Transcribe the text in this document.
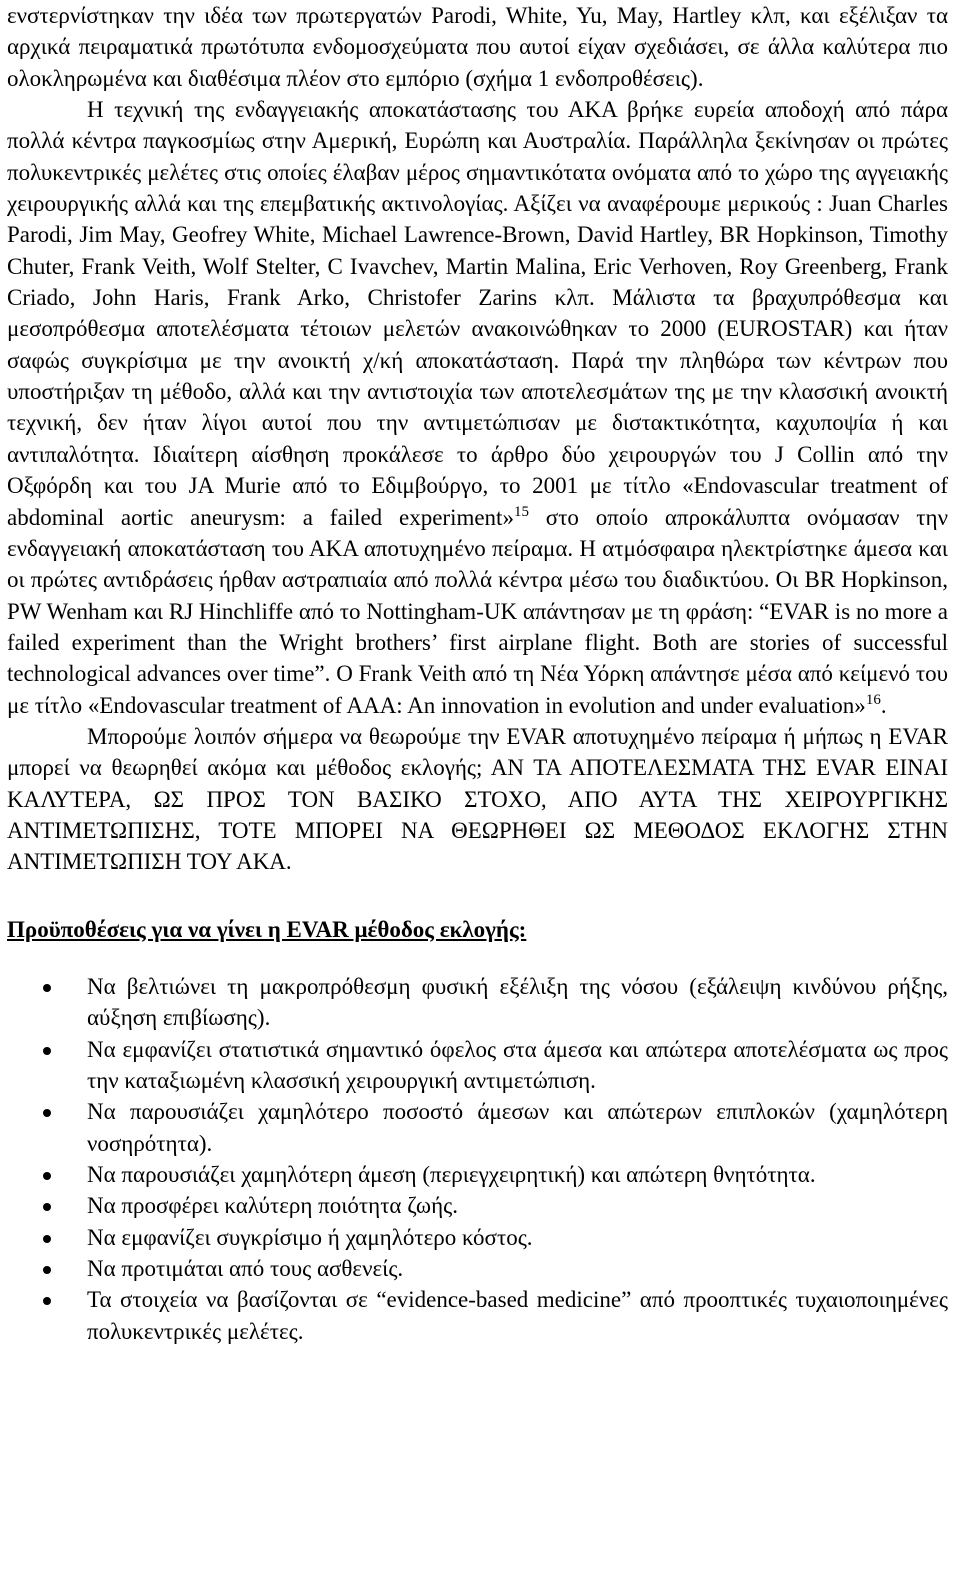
ενστερνίστηκαν την ιδέα των πρωτεργατών Parodi, White, Yu, May, Hartley κλπ, και εξέλιξαν τα αρχικά πειραματικά πρωτότυπα ενδομοσχεύματα που αυτοί είχαν σχεδιάσει, σε άλλα καλύτερα πιο ολοκληρωμένα και διαθέσιμα πλέον στο εμπόριο (σχήμα 1 ενδοπροθέσεις).

Η τεχνική της ενδαγγειακής αποκατάστασης του ΑΚΑ βρήκε ευρεία αποδοχή από πάρα πολλά κέντρα παγκοσμίως στην Αμερική, Ευρώπη και Αυστραλία. Παράλληλα ξεκίνησαν οι πρώτες πολυκεντρικές μελέτες στις οποίες έλαβαν μέρος σημαντικότατα ονόματα από το χώρο της αγγειακής χειρουργικής αλλά και της επεμβατικής ακτινολογίας. Αξίζει να αναφέρουμε μερικούς : Juan Charles Parodi, Jim May, Geofrey White, Michael Lawrence-Brown, David Hartley, BR Hopkinson, Timothy Chuter, Frank Veith, Wolf Stelter, C Ivavchev, Martin Malina, Eric Verhoven, Roy Greenberg, Frank Criado, John Haris, Frank Arko, Christofer Zarins κλπ. Μάλιστα τα βραχυπρόθεσμα και μεσοπρόθεσμα αποτελέσματα τέτοιων μελετών ανακοινώθηκαν το 2000 (EUROSTAR) και ήταν σαφώς συγκρίσιμα με την ανοικτή χ/κή αποκατάσταση. Παρά την πληθώρα των κέντρων που υποστήριξαν τη μέθοδο, αλλά και την αντιστοιχία των αποτελεσμάτων της με την κλασσική ανοικτή τεχνική, δεν ήταν λίγοι αυτοί που την αντιμετώπισαν με διστακτικότητα, καχυποψία ή και αντιπαλότητα. Ιδιαίτερη αίσθηση προκάλεσε το άρθρο δύο χειρουργών του J Collin από την Οξφόρδη και του JA Murie από το Εδιμβούργο, το 2001 με τίτλο «Endovascular treatment of abdominal aortic aneurysm: a failed experiment»$^{15}$ στο οποίο απροκάλυπτα ονόμασαν την ενδαγγειακή αποκατάσταση του ΑΚΑ αποτυχημένο πείραμα. Η ατμόσφαιρα ηλεκτρίστηκε άμεσα και οι πρώτες αντιδράσεις ήρθαν αστραπιαία από πολλά κέντρα μέσω του διαδικτύου. Οι BR Hopkinson, PW Wenham και RJ Hinchliffe από το Nottingham-UK απάντησαν με τη φράση: “EVAR is no more a failed experiment than the Wright brothers’ first airplane flight. Both are stories of successful technological advances over time”. O Frank Veith από τη Νέα Υόρκη απάντησε μέσα από κείμενό του με τίτλο «Endovascular treatment of AAA: An innovation in evolution and under evaluation»$^{16}$.

Μπορούμε λοιπόν σήμερα να θεωρούμε την EVAR αποτυχημένο πείραμα ή μήπως η EVAR μπορεί να θεωρηθεί ακόμα και μέθοδος εκλογής; ΑΝ ΤΑ ΑΠΟΤΕΛΕΣΜΑΤΑ ΤΗΣ EVAR ΕΙΝΑΙ ΚΑΛΥΤΕΡΑ, ΩΣ ΠΡΟΣ ΤΟΝ ΒΑΣΙΚΟ ΣΤΟΧΟ, ΑΠΟ ΑΥΤΑ ΤΗΣ ΧΕΙΡΟΥΡΓΙΚΗΣ ΑΝΤΙΜΕΤΩΠΙΣΗΣ, ΤΟΤΕ ΜΠΟΡΕΙ ΝΑ ΘΕΩΡΗΘΕΙ ΩΣ ΜΕΘΟΔΟΣ ΕΚΛΟΓΗΣ ΣΤΗΝ ΑΝΤΙΜΕΤΩΠΙΣΗ ΤΟΥ ΑΚΑ.

Προϋποθέσεις για να γίνει η EVAR μέθοδος εκλογής:

Να βελτιώνει τη μακροπρόθεσμη φυσική εξέλιξη της νόσου (εξάλειψη κινδύνου ρήξης, αύξηση επιβίωσης).
Να εμφανίζει στατιστικά σημαντικό όφελος στα άμεσα και απώτερα αποτελέσματα ως προς την καταξιωμένη κλασσική χειρουργική αντιμετώπιση.
Να παρουσιάζει χαμηλότερο ποσοστό άμεσων και απώτερων επιπλοκών (χαμηλότερη νοσηρότητα).
Να παρουσιάζει χαμηλότερη άμεση (περιεγχειρητική) και απώτερη θνητότητα.
Να προσφέρει καλύτερη ποιότητα ζωής.
Να εμφανίζει συγκρίσιμο ή χαμηλότερο κόστος.
Να προτιμάται από τους ασθενείς.
Τα στοιχεία να βασίζονται σε “evidence-based medicine” από προοπτικές τυχαιοποιημένες πολυκεντρικές μελέτες.
